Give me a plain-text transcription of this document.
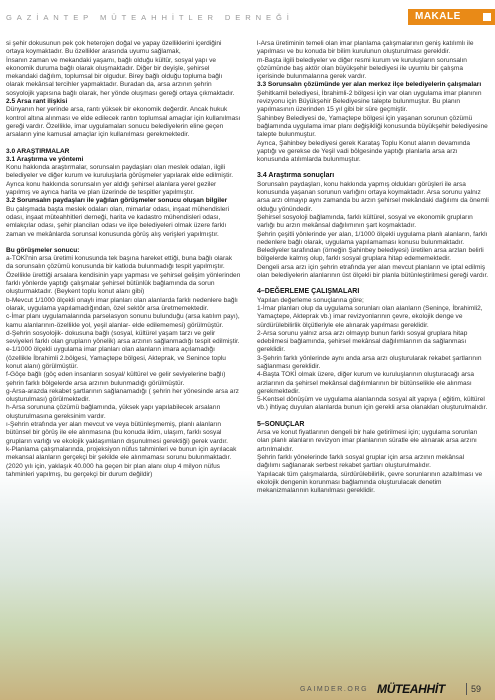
GAZİANTEP MÜTEAHHİTLER DERNEĞİ	MAKALE

si şehir dokusunun pek çok heterojen doğal ve yapay özelliklerini içerdiğini ortaya koymaktadır. Bu özellikler arasında uyumu sağlamak,

İnsanın zaman ve mekandaki yaşamı, bağlı olduğu kültür, sosyal yapı ve ekonomik duruma bağlı olarak oluşmaktadır. Diğer bir deyişle, şehirsel mekandaki dağılım, toplumsal bir olgudur. Birey bağlı olduğu topluma bağlı olarak mekânsal tercihler yapmaktadır. Buradan da, arsa arzının şehrin sosyolojik yapısına bağlı olarak, her yönde oluşması gereği ortaya çıkmaktadır.

2.5 Arsa rant ilişkisi

Dünyanın her yerinde arsa, rantı yüksek bir ekonomik değerdir. Ancak hukuk kontrol altına alınması ve elde edilecek rantın toplumsal amaçlar için kullanılması gereği vardır. Özellikle, imar uygulamaları sonucu belediyelerin eline geçen arsaların yine kamusal amaçlar için kullanılması gerekmektedir.

3.0 ARAŞTIRMALAR

3.1 Araştırma ve yöntemi

Konu hakkında araştırmalar, sorunsalın paydaşları olan meslek odaları, ilgili belediyeler ve diğer kurum ve kuruluşlarla görüşmeler yapılarak elde edilmiştir. Ayrıca konu hakkında sorunsalın yer aldığı şehirsel alanlara yerel geziler yapılmış ve ayrıca harita ve plan üzerinde de tespitler yapılmıştır.

3.2 Sorunsalın paydaşları ile yağılan görüşmeler sonucu oluşan bilgiler

Bu çalışmada başta meslek odaları olan, mimarlar odası, inşaat mühendisleri odası, inşaat müteahhitleri derneği, harita ve kadastro mühendisleri odası, emlakçılar odası, şehir planciları odası ve ilçe belediyeleri olmak üzere farklı zaman ve mekânlarda sorunsal konusunda görüş alış verişleri yapılmıştır.

Bu görüşmeler sonucu:

a-TOKİ'nin arsa üretimi konusunda tek başına hareket ettiği, buna bağlı olarak da sorunsalın çözümü konusunda bir katkıda bulunmadığı tespit yapılmıştır. Özellikle ürettiği arsalara kendisinin yapı yapması ve şehirsel gelişim yönlerinden farklı yönlerde yaptığı çalışmalar şehirsel bütünlük bağlamında da sorun oluşturmaktadır. (Beykent toplu konut alanı gibi)

b-Mevcut 1/1000 ölçekli onaylı imar planları olan alanlarda farklı nedenlere bağlı olarak, uygulama yapılamadığından, özel sektör arsa üretmemektedir.

c-İmar planı uygulamalarında parselasyon sonunu bulunduğu (arsa katılım payı), kamu alanlarının-özellikle yol, yeşil alanlar- elde edilememesi) görülmüştür.

d-Şehrin sosyolojik- dokusuna bağlı (sosyal, kültürel yaşam tarzı ve gelir seviyeleri farklı olan grupların yönelik) arsa arzının sağlanmadığı tespit edilmiştir.

e-1/1000 ölçekli uygulama imar planları olan alanların imara açılamadığı (özellikle İbrahimli 2.bölgesi, Yamaçtepe bölgesi, Akteprak, ve Senince toplu konut alanı) görülmüştür.

f-Göçe bağlı (göç eden insanların sosyal/ kültürel ve gelir seviyelerine bağlı) şehrin farklı bölgelerde arsa arzının bulunmadığı görülmüştür.

g-Arsa-arazda rekabet şartlarının sağlanamadığı ( şehrin her yönesinde arsa arz oluşturulması) görülmektedir.

h-Arsa sorununa çözümü bağlamında, yüksek yapı yapılabilecek arsaların oluşturulmasına gereksinim vardır.

ı-Şehrin etrafında yer alan mevcut ve veya bütünleşmemiş, planlı alanların bütünsel bir görüş ile ele alınmasına (bu konuda iklim, ulaşım, farklı sosyal grupların varlığı ve ekolojik yaklaşımların dışunulmesi gerektiği) gerek vardır.

k-Planlama çalışmalarında, projeksiyon nüfus tahminleri ve bunun için ayrılacak mekansal alanların gerçekçi bir şekilde ele alınmaması sorunu bulunmaktadır. (2020 yılı için, yaklaşık 40.000 ha geçen bir plan alanı olup 4 milyon nüfus tahminleri yapılmış, bu gerçekçi bir durum değildir)

l-Arsa üretiminin temeli olan imar planlama çalışmalarının geniş katılımlı ile yapılması ve bu konuda bir bilim kurulunun oluşturulması gerekldir.

m-Başta ilgili belediyeler ve diğer resmi kurum ve kuruluşların sorunsalın çözümünde baş aktör olan büyükşehir belediyesi ile uyumlu bir çalışma içerisinde bulunmalarına gerek vardır.

3.3 Sorunsalın çözümünde yer alan merkez ilçe belediyelerin çalışmaları

Şehitkamil belediyesi, İbrahimli-2 bölgesi için var olan uygulama imar planının revizyonu için Büyükşehir Belediyesine talepte bulunmuştur. Bu planın yapılmasının üzerinden 15 yıl gibi bir süre geçmiştir.

Şahinbey Belediyesi de, Yamaçtepe bölgesi için yaşanan sorunun çözümü bağlamında uygulama imar planı değişikliği konusunda büyükşehir belediyesine talepte bulunmuştur.

Ayrıca, Şahinbey belediyesi gerek Karataş Toplu Konut alanın devamında yaptığı ve gerekse de Yeşil vadi bölgesinde yaptığı planlarla arsa arzı konusunda atılımlarda bulunmuştur.

3.4 Araştırma sonuçları

Sorunsalın paydaşları, konu hakkında yapmış oldukları görüşleri ile arsa konusunda yaşanan sorunun varlığını ortaya koymaktadır. Arsa sorunu yalnız arsa arzı olmayıp aynı zamanda bu arzın şehirsel mekândaki dağılımı da önemli olduğu yönündedir.

Şehirsel sosyoloji bağlamında, farklı kültürel, sosyal ve ekonomik grupların varlığı bu arzın mekânsal dağılımının şart koşmaktadır.

Şehrin çeşitli yönlerinde yer alan, 1/1000 ölçekli uygulama planlı alanların, farklı nedenlere bağlı olarak, uygulama yapılamaması konusu bulunmaktadır.

Belediyeler tarafından (örneğin Şahinbey belediyesi) üretilen arsa arzları belirli bölgelerde kalmış olup, farklı sosyal gruplara hitap edememektedir.

Dengeli arsa arzı için şehrin etrafında yer alan mevcut planların ve iptal edilmiş olan belediyelerin alanlarının üst ölçekli bir planla bütünleştirilmesi gereği vardır.

4–DEĞERLEME ÇALIŞMALARI

Yapılan değerleme sonuçlarına göre;

1-İmar planları olup da uygulama sorunları olan alanların (Seninçe, İbrahimli2, Yamaçtepe, Akteprak vb.) imar revizyonlarının çevre, ekolojik denge ve sürdürülebilirlik ölçütleriyle ele alınarak yapılması gereklidir.

2-Arsa sorunu yalnız arsa arzı olmayıp bunun farklı sosyal gruplara hitap edebilmesi bağlamında, şehirsel mekânsal dağılımlarının da sağlanması gereklidir.

3-Şehrin farklı yönlerinde aynı anda arsa arzı oluşturularak rekabet şartlarının sağlanması gereklidir.

4-Başta TOKİ olmak üzere, diğer kurum ve kuruluşlarının oluşturacağı arsa arzlarının da şehirsel mekânsal dağılımlarının bir bütünselikle ele alınması gerekmektedir.

5-Kentsel dönüşüm ve uygulama alanlarında sosyal alt yapıya ( eğitim, kültürel vb.) ihtiyaç duyulan alanlarda bunun için gerekli arsa olanakları oluşturulmalıdır.

5–SONUÇLAR

Arsa ve konut fiyatlarının dengeli bir hale getirilmesi için; uygulama sorunları olan planlı alanların revizyon imar planlarının süratle ele alınarak arsa arzını artırılmalıdır.

Şehrin farklı yönelerinde farklı sosyal gruplar için arsa arzının mekânsal dağılımı sağlanarak serbest rekabet şartları oluşturulmalıdır.

Yapılacak tüm çalışmalarda, sürdürülebilirlik, çevre sorunlarının azaltılması ve ekolojik dengenin korunması bağlamında oluşturulacak denetim mekanizmalarının kullanılması gereklidir.

GAIMDER.ORG MÜTEAHHİT	59
